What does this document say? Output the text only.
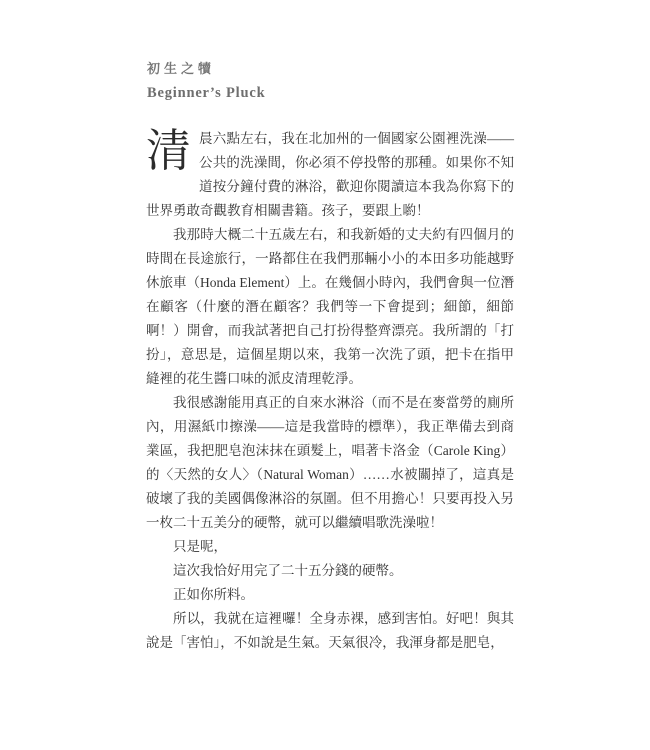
初生之犢
Beginner’s Pluck

清晨六點左右，我在北加州的一個國家公園裡洗澡——公共的洗澡間，你必須不停投幣的那種。如果你不知道按分鐘付費的淋浴，歡迎你閱讀這本我為你寫下的世界勇敢奇觀教育相關書籍。孩子，要跟上喲！

我那時大概二十五歲左右，和我新婚的丈夫約有四個月的時間在長途旅行，一路都住在我們那輛小小的本田多功能越野休旅車（Honda Element）上。在幾個小時內，我們會與一位潛在顧客（什麼的潛在顧客？我們等一下會提到；細節，細節啊！）開會，而我試著把自己打扮得整齊漂亮。我所謂的「打扮」，意思是，這個星期以來，我第一次洗了頭，把卡在指甲縫裡的花生醬口味的派皮清理乾淨。

我很感謝能用真正的自來水淋浴（而不是在麥當勞的廁所內，用濕紙巾擦澡——這是我當時的標準），我正準備去到商業區，我把肥皂泡沫抹在頭髮上，唱著卡洛金（Carole King）的〈天然的女人〉（Natural Woman）……水被關掉了，這真是破壞了我的美國偶像淋浴的氛圍。但不用擔心！只要再投入另一枚二十五美分的硬幣，就可以繼續唱歌洗澡啦！

只是呢，

這次我恰好用完了二十五分錢的硬幣。

正如你所料。

所以，我就在這裡囉！全身赤裸，感到害怕。好吧！與其說是「害怕」，不如說是生氣。天氣很冷，我渾身都是肥皂，
